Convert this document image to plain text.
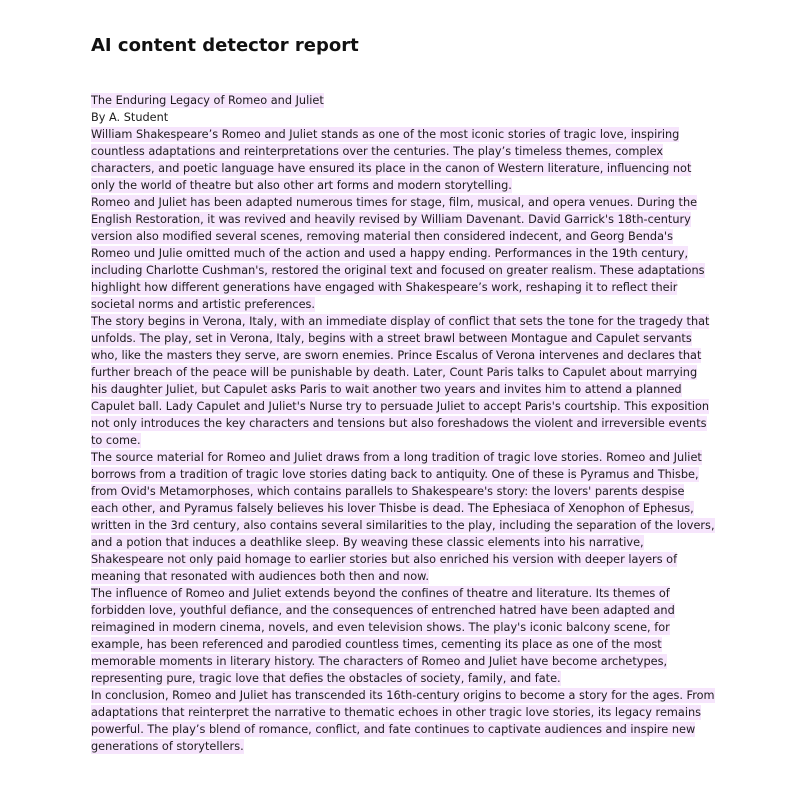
AI content detector report

The Enduring Legacy of Romeo and Juliet

By A. Student

William Shakespeare’s Romeo and Juliet stands as one of the most iconic stories of tragic love, inspiring countless adaptations and reinterpretations over the centuries. The play’s timeless themes, complex characters, and poetic language have ensured its place in the canon of Western literature, influencing not only the world of theatre but also other art forms and modern storytelling.

Romeo and Juliet has been adapted numerous times for stage, film, musical, and opera venues. During the English Restoration, it was revived and heavily revised by William Davenant. David Garrick's 18th-century version also modified several scenes, removing material then considered indecent, and Georg Benda's Romeo und Julie omitted much of the action and used a happy ending. Performances in the 19th century, including Charlotte Cushman's, restored the original text and focused on greater realism. These adaptations highlight how different generations have engaged with Shakespeare’s work, reshaping it to reflect their societal norms and artistic preferences.

The story begins in Verona, Italy, with an immediate display of conflict that sets the tone for the tragedy that unfolds. The play, set in Verona, Italy, begins with a street brawl between Montague and Capulet servants who, like the masters they serve, are sworn enemies. Prince Escalus of Verona intervenes and declares that further breach of the peace will be punishable by death. Later, Count Paris talks to Capulet about marrying his daughter Juliet, but Capulet asks Paris to wait another two years and invites him to attend a planned Capulet ball. Lady Capulet and Juliet's Nurse try to persuade Juliet to accept Paris's courtship. This exposition not only introduces the key characters and tensions but also foreshadows the violent and irreversible events to come.

The source material for Romeo and Juliet draws from a long tradition of tragic love stories. Romeo and Juliet borrows from a tradition of tragic love stories dating back to antiquity. One of these is Pyramus and Thisbe, from Ovid's Metamorphoses, which contains parallels to Shakespeare's story: the lovers' parents despise each other, and Pyramus falsely believes his lover Thisbe is dead. The Ephesiaca of Xenophon of Ephesus, written in the 3rd century, also contains several similarities to the play, including the separation of the lovers, and a potion that induces a deathlike sleep. By weaving these classic elements into his narrative, Shakespeare not only paid homage to earlier stories but also enriched his version with deeper layers of meaning that resonated with audiences both then and now.

The influence of Romeo and Juliet extends beyond the confines of theatre and literature. Its themes of forbidden love, youthful defiance, and the consequences of entrenched hatred have been adapted and reimagined in modern cinema, novels, and even television shows. The play's iconic balcony scene, for example, has been referenced and parodied countless times, cementing its place as one of the most memorable moments in literary history. The characters of Romeo and Juliet have become archetypes, representing pure, tragic love that defies the obstacles of society, family, and fate.

In conclusion, Romeo and Juliet has transcended its 16th-century origins to become a story for the ages. From adaptations that reinterpret the narrative to thematic echoes in other tragic love stories, its legacy remains powerful. The play’s blend of romance, conflict, and fate continues to captivate audiences and inspire new generations of storytellers.
